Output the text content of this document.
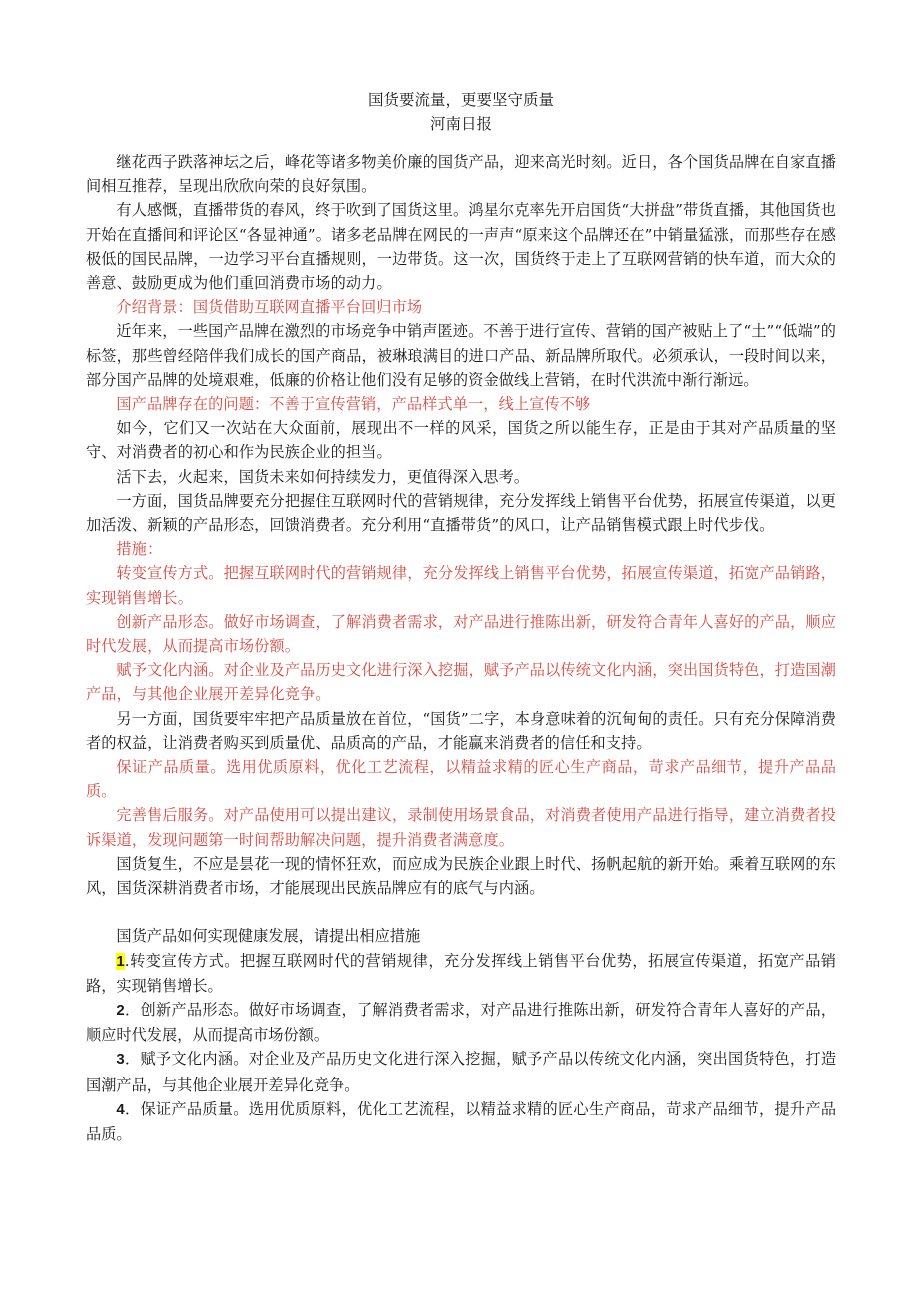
国货要流量，更要坚守质量

河南日报

继花西子跌落神坛之后，峰花等诸多物美价廉的国货产品，迎来高光时刻。近日，各个国货品牌在自家直播间相互推荐，呈现出欣欣向荣的良好氛围。

有人感慨，直播带货的春风，终于吹到了国货这里。鸿星尔克率先开启国货“大拼盘”带货直播，其他国货也开始在直播间和评论区“各显神通”。诸多老品牌在网民的一声声“原来这个品牌还在”中销量猛涨，而那些存在感极低的国民品牌，一边学习平台直播规则，一边带货。这一次，国货终于走上了互联网营销的快车道，而大众的善意、鼓励更成为他们重回消费市场的动力。

介绍背景：国货借助互联网直播平台回归市场

近年来，一些国产品牌在激烈的市场竞争中销声匿迹。不善于进行宣传、营销的国产被贴上了“土”“低端”的标签，那些曾经陪伴我们成长的国产商品，被琳琅满目的进口产品、新品牌所取代。必须承认，一段时间以来，部分国产品牌的处境艰难，低廉的价格让他们没有足够的资金做线上营销，在时代洪流中渐行渐远。

国产品牌存在的问题：不善于宣传营销，产品样式单一，线上宣传不够

如今，它们又一次站在大众面前，展现出不一样的风采，国货之所以能生存，正是由于其对产品质量的坚守、对消费者的初心和作为民族企业的担当。

活下去，火起来，国货未来如何持续发力，更值得深入思考。

一方面，国货品牌要充分把握住互联网时代的营销规律，充分发挥线上销售平台优势，拓展宣传渠道，以更加活泼、新颖的产品形态，回馈消费者。充分利用“直播带货”的风口，让产品销售模式跟上时代步伐。

措施：

转变宣传方式。把握互联网时代的营销规律，充分发挥线上销售平台优势，拓展宣传渠道，拓宽产品销路，实现销售增长。

创新产品形态。做好市场调查，了解消费者需求，对产品进行推陈出新，研发符合青年人喜好的产品，顺应时代发展，从而提高市场份额。

赋予文化内涵。对企业及产品历史文化进行深入挖掘，赋予产品以传统文化内涵，突出国货特色，打造国潮产品，与其他企业展开差异化竞争。

另一方面，国货要牢牢把产品质量放在首位，“国货”二字，本身意味着的沉甸甸的责任。只有充分保障消费者的权益，让消费者购买到质量优、品质高的产品，才能赢来消费者的信任和支持。

保证产品质量。选用优质原料，优化工艺流程，以精益求精的匠心生产商品，苛求产品细节，提升产品品质。

完善售后服务。对产品使用可以提出建议，录制使用场景食品，对消费者使用产品进行指导，建立消费者投诉渠道，发现问题第一时间帮助解决问题，提升消费者满意度。

国货复生，不应是昙花一现的情怀狂欢，而应成为民族企业跟上时代、扬帆起航的新开始。乘着互联网的东风，国货深耕消费者市场，才能展现出民族品牌应有的底气与内涵。

国货产品如何实现健康发展，请提出相应措施

1.转变宣传方式。把握互联网时代的营销规律，充分发挥线上销售平台优势，拓展宣传渠道，拓宽产品销路，实现销售增长。

2．创新产品形态。做好市场调查，了解消费者需求，对产品进行推陈出新，研发符合青年人喜好的产品，顺应时代发展，从而提高市场份额。

3．赋予文化内涵。对企业及产品历史文化进行深入挖掘，赋予产品以传统文化内涵，突出国货特色，打造国潮产品，与其他企业展开差异化竞争。

4．保证产品质量。选用优质原料，优化工艺流程，以精益求精的匠心生产商品，苛求产品细节，提升产品品质。
